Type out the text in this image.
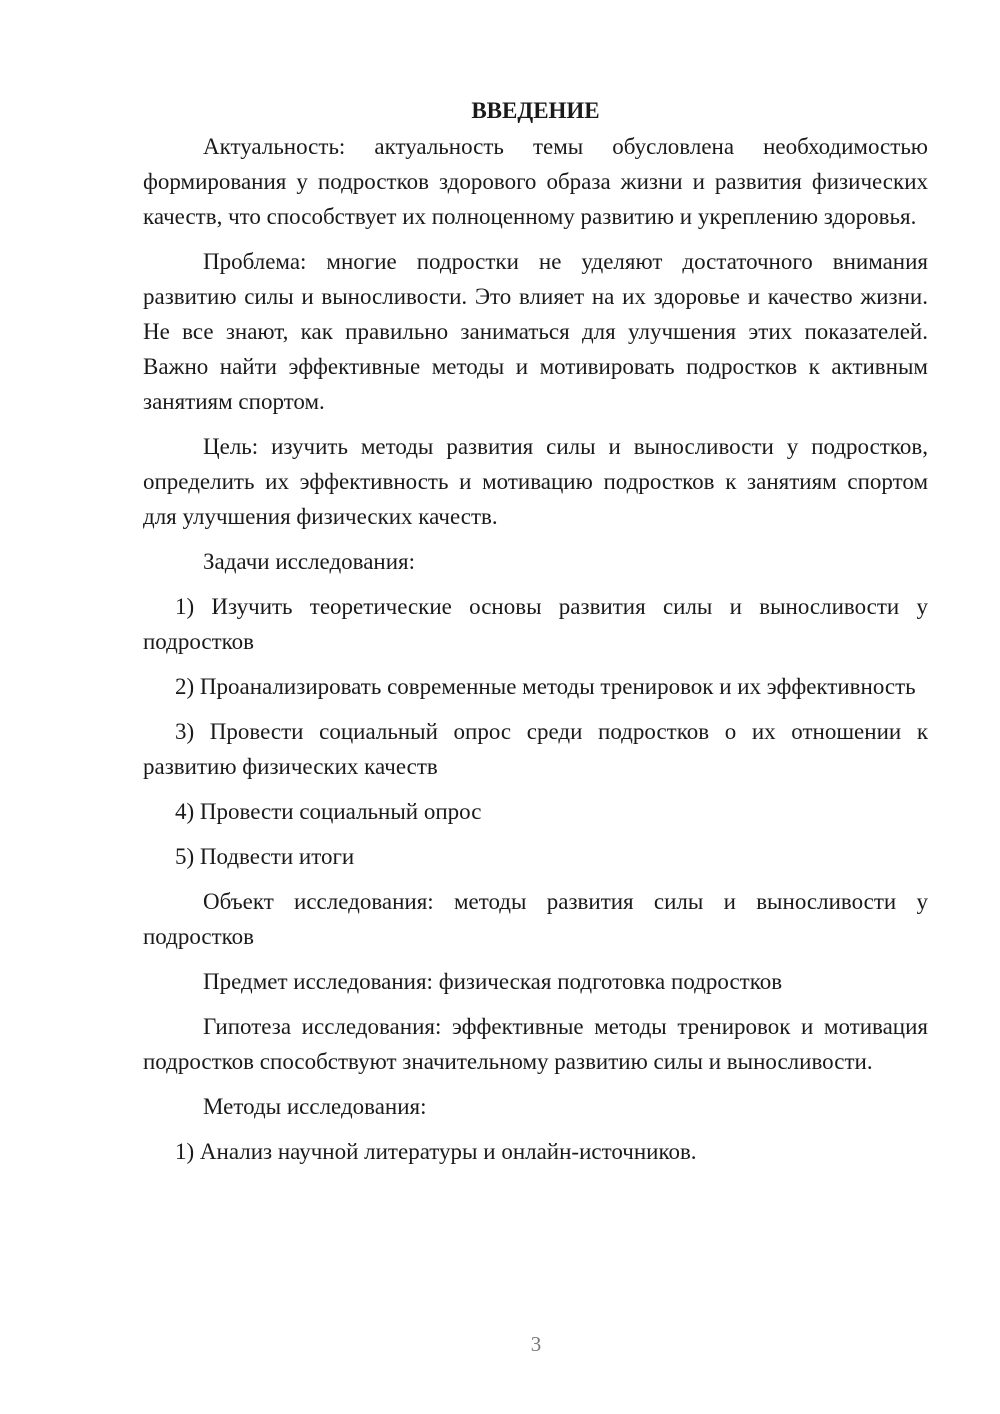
ВВЕДЕНИЕ

Актуальность: актуальность темы обусловлена необходимостью формирования у подростков здорового образа жизни и развития физических качеств, что способствует их полноценному развитию и укреплению здоровья.

Проблема: многие подростки не уделяют достаточного внимания развитию силы и выносливости. Это влияет на их здоровье и качество жизни. Не все знают, как правильно заниматься для улучшения этих показателей. Важно найти эффективные методы и мотивировать подростков к активным занятиям спортом.

Цель: изучить методы развития силы и выносливости у подростков, определить их эффективность и мотивацию подростков к занятиям спортом для улучшения физических качеств.

Задачи исследования:

1) Изучить теоретические основы развития силы и выносливости у подростков

2) Проанализировать современные методы тренировок и их эффективность

3) Провести социальный опрос среди подростков о их отношении к развитию физических качеств

4) Провести социальный опрос

5) Подвести итоги

Объект исследования: методы развития силы и выносливости у подростков

Предмет исследования: физическая подготовка подростков

Гипотеза исследования: эффективные методы тренировок и мотивация подростков способствуют значительному развитию силы и выносливости.

Методы исследования:

1) Анализ научной литературы и онлайн-источников.

3
